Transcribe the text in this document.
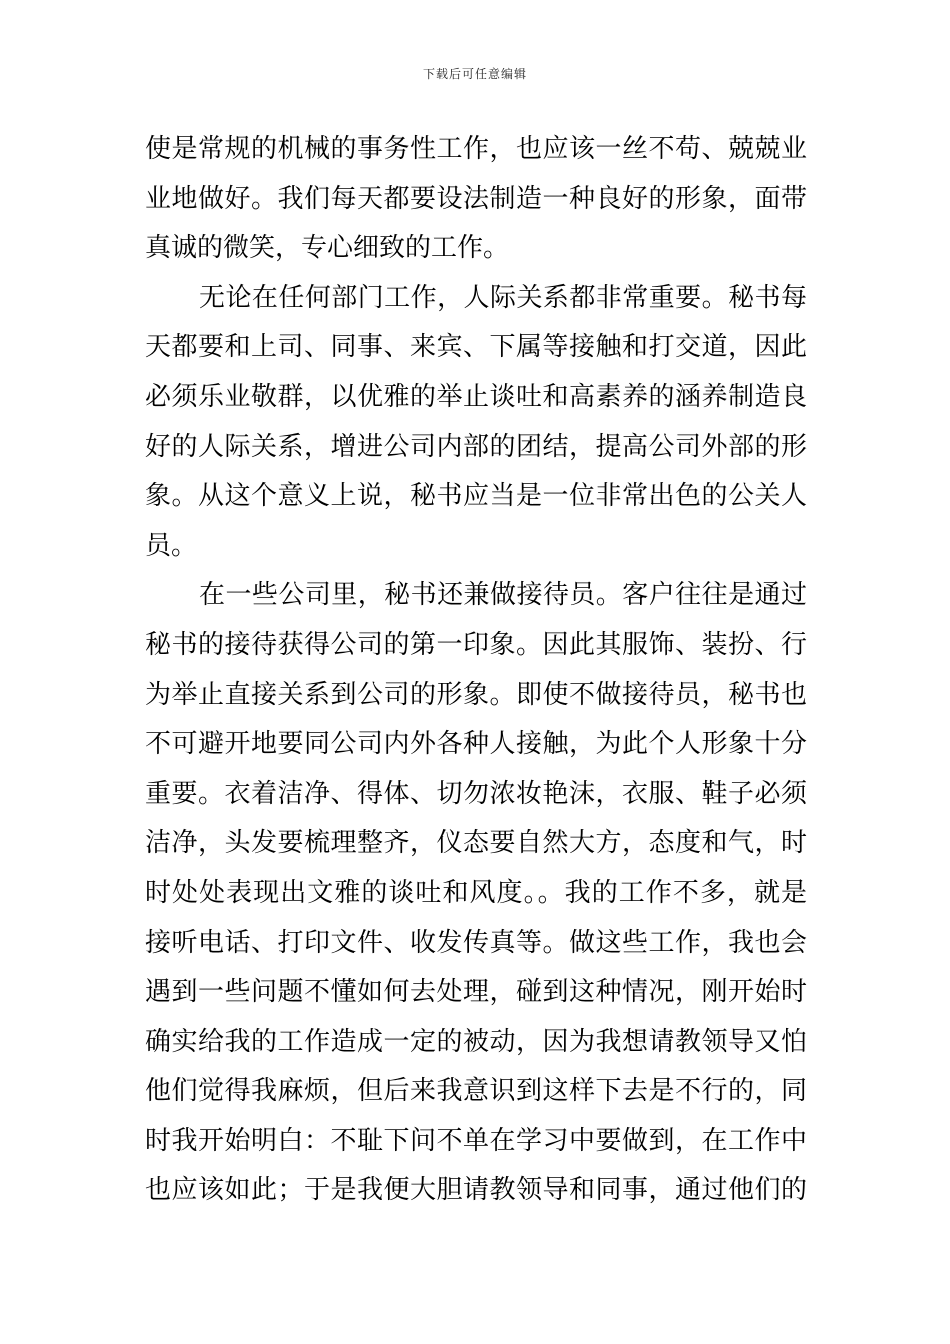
下载后可任意编辑
使是常规的机械的事务性工作，也应该一丝不苟、兢兢业
业地做好。我们每天都要设法制造一种良好的形象，面带
真诚的微笑，专心细致的工作。
无论在任何部门工作，人际关系都非常重要。秘书每
天都要和上司、同事、来宾、下属等接触和打交道，因此
必须乐业敬群，以优雅的举止谈吐和高素养的涵养制造良
好的人际关系，增进公司内部的团结，提高公司外部的形
象。从这个意义上说，秘书应当是一位非常出色的公关人
员。
在一些公司里，秘书还兼做接待员。客户往往是通过
秘书的接待获得公司的第一印象。因此其服饰、装扮、行
为举止直接关系到公司的形象。即使不做接待员，秘书也
不可避开地要同公司内外各种人接触，为此个人形象十分
重要。衣着洁净、得体、切勿浓妆艳沫，衣服、鞋子必须
洁净，头发要梳理整齐，仪态要自然大方，态度和气，时
时处处表现出文雅的谈吐和风度。。我的工作不多，就是
接听电话、打印文件、收发传真等。做这些工作，我也会
遇到一些问题不懂如何去处理，碰到这种情况，刚开始时
确实给我的工作造成一定的被动，因为我想请教领导又怕
他们觉得我麻烦，但后来我意识到这样下去是不行的，同
时我开始明白：不耻下问不单在学习中要做到，在工作中
也应该如此；于是我便大胆请教领导和同事，通过他们的
